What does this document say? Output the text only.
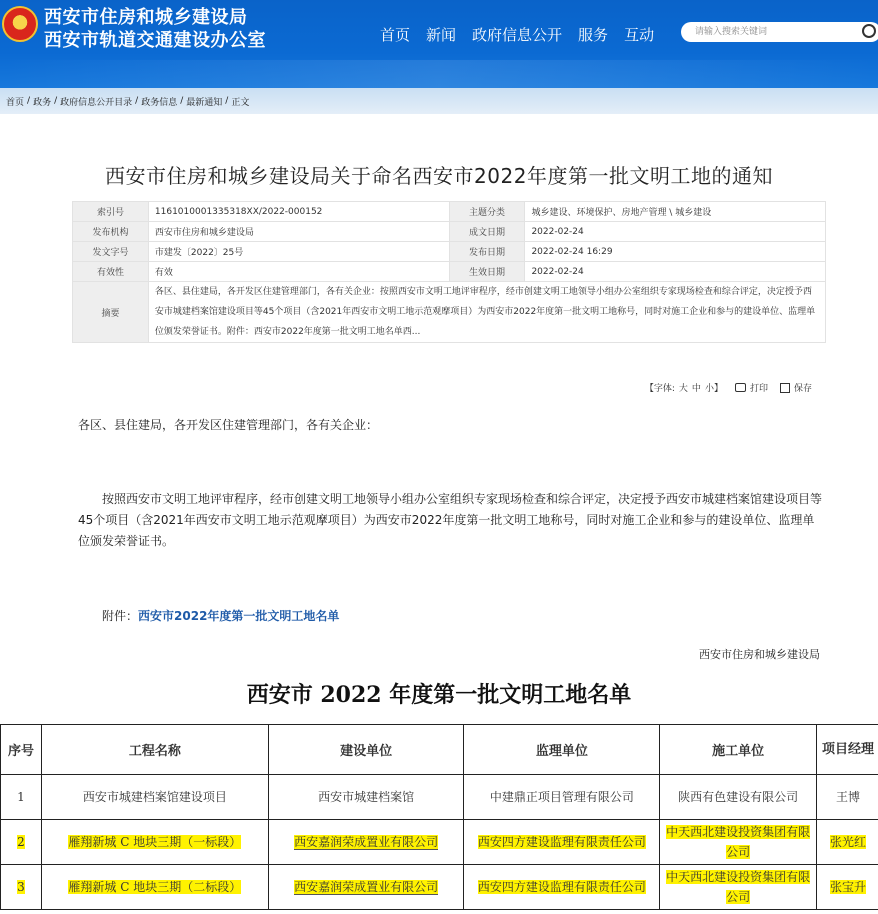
★ 西安市住房和城乡建设局
西安市轨道交通建设办公室	首页 新闻 政府信息公开 服务 互动
请输入搜索关键词
首页 / 政务 / 政府信息公开目录 / 政务信息 / 最新通知 / 正文
西安市住房和城乡建设局关于命名西安市2022年度第一批文明工地的通知
索引号	11610100013353​18XX/2022-000152	主题分类	城乡建设、环境保护、房地产管理 \ 城乡建设
发布机构	西安市住房和城乡建设局	成文日期	2022-02-24
发文字号	市建发〔2022〕25号	发布日期	2022-02-24 16:29
有效性	有效	生效日期	2022-02-24
摘要	各区、县住建局，各开发区住建管理部门，各有关企业：按照西安市文明工地评审程序，经市创建文明工地领导小组办公室组织专家现场检查和综合评定，决定授予西安市城建档案馆建设项目等45个项目（含2021年西安市文明工地示范观摩项目）为西安市2022年度第一批文明工地称号，同时对施工企业和参与的建设单位、监理单位颁发荣誉证书。附件：西安市2022年度第一批文明工地名单西...		
【字体: 大 中 小 】	打印	保存
各区、县住建局，各开发区住建管理部门，各有关企业：
按照西安市文明工地评审程序，经市创建文明工地领导小组办公室组织专家现场检查和综合评定，决定授予西安市城建档案馆建设项目等45个项目（含2021年西安市文明工地示范观摩项目）为西安市2022年度第一批文明工地称号，同时对施工企业和参与的建设单位、监理单位颁发荣誉证书。
附件：西安市2022年度第一批文明工地名单
西安市住房和城乡建设局
西安市 2022 年度第一批文明工地名单
序号	工程名称	建设单位	监理单位	施工单位	项目经理
1	西安市城建档案馆建设项目	西安市城建档案馆	中建鼎正项目管理有限公司	陕西有色建设有限公司	王博
2	雁翔新城 C 地块三期（一标段）	西安嘉润荣成置业有限公司	西安四方建设监理有限责任公司	中天西北建设投资集团有限公司	张光红
3	雁翔新城 C 地块三期（二标段）	西安嘉润荣成置业有限公司	西安四方建设监理有限责任公司	中天西北建设投资集团有限公司	张宝升
